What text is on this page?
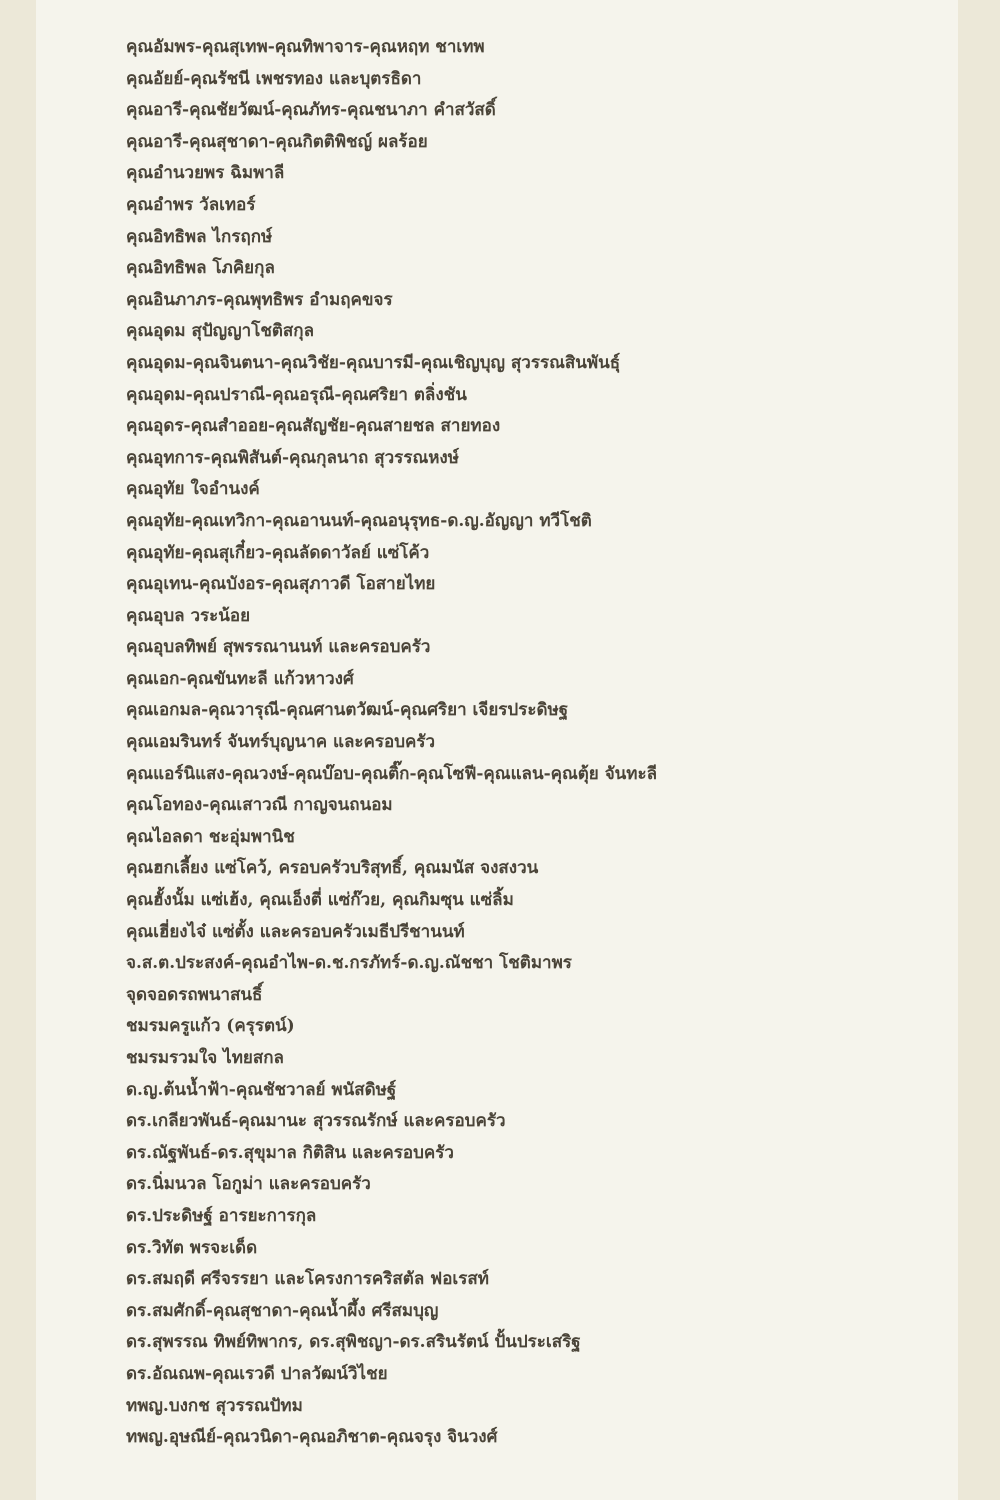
คุณอัมพร-คุณสุเทพ-คุณทิพาจาร-คุณหฤท ชาเทพ
คุณอัยย์-คุณรัชนี เพชรทอง และบุตรธิดา
คุณอารี-คุณชัยวัฒน์-คุณภัทร-คุณชนาภา คำสวัสดิ์
คุณอารี-คุณสุชาดา-คุณกิตติพิชญ์ ผลร้อย
คุณอำนวยพร ฉิมพาลี
คุณอำพร วัลเทอร์
คุณอิทธิพล ไกรฤกษ์
คุณอิทธิพล โภคิยกุล
คุณอินภาภร-คุณพุทธิพร อำมฤคขจร
คุณอุดม สุปัญญาโชติสกุล
คุณอุดม-คุณจินตนา-คุณวิชัย-คุณบารมี-คุณเชิญบุญ สุวรรณสินพันธุ์
คุณอุดม-คุณปราณี-คุณอรุณี-คุณศริยา ตลิ่งชัน
คุณอุดร-คุณสำออย-คุณสัญชัย-คุณสายชล สายทอง
คุณอุทการ-คุณพิสันต์-คุณกุลนาถ สุวรรณหงษ์
คุณอุทัย ใจอำนงค์
คุณอุทัย-คุณเทวิกา-คุณอานนท์-คุณอนุรุทธ-ด.ญ.อัญญา ทวีโชติ
คุณอุทัย-คุณสุเกี๋ยว-คุณลัดดาวัลย์ แซ่โค้ว
คุณอุเทน-คุณบังอร-คุณสุภาวดี โอสายไทย
คุณอุบล วระน้อย
คุณอุบลทิพย์ สุพรรณานนท์ และครอบครัว
คุณเอก-คุณขันทะลี แก้วหาวงศ์
คุณเอกมล-คุณวารุณี-คุณศานตวัฒน์-คุณศริยา เจียรประดิษฐ
คุณเอมรินทร์ จันทร์บุญนาค และครอบครัว
คุณแอร์นิแสง-คุณวงษ์-คุณบ๊อบ-คุณติ๊ก-คุณโซฟี-คุณแลน-คุณตุ้ย จันทะลี
คุณโอทอง-คุณเสาวณี กาญจนถนอม
คุณไอลดา ชะอุ่มพานิช
คุณฮกเลี้ยง แซ่โคว้, ครอบครัวบริสุทธิ์, คุณมนัส จงสงวน
คุณฮั้งนั้ม แซ่เฮ้ง, คุณเอ็งตี่ แซ่ก๊วย, คุณกิมซุน แซ่ลิ้ม
คุณเฮี่ยงไจ๋ แซ่ตั้ง และครอบครัวเมธีปรีชานนท์
จ.ส.ต.ประสงค์-คุณอำไพ-ด.ช.กรภัทร์-ด.ญ.ณัชชา โชติมาพร
จุดจอดรถพนาสนธิ์
ชมรมครูแก้ว (ครุรตน์)
ชมรมรวมใจ ไทยสกล
ด.ญ.ต้นน้ำฟ้า-คุณชัชวาลย์ พนัสดิษฐ์
ดร.เกลียวพันธ์-คุณมานะ สุวรรณรักษ์ และครอบครัว
ดร.ณัฐพันธ์-ดร.สุขุมาล กิติสิน และครอบครัว
ดร.นิ่มนวล โอกูม่า และครอบครัว
ดร.ประดิษฐ์ อารยะการกุล
ดร.วิทัต พรจะเด็ด
ดร.สมฤดี ศรีจรรยา และโครงการคริสตัล ฟอเรสท์
ดร.สมศักดิ์-คุณสุชาดา-คุณน้ำผึ้ง ศรีสมบุญ
ดร.สุพรรณ ทิพย์ทิพากร, ดร.สุพิชญา-ดร.สรินรัตน์ ปั้นประเสริฐ
ดร.อัณณพ-คุณเรวดี ปาลวัฒน์วิไชย
ทพญ.บงกช สุวรรณปัทม
ทพญ.อุษณีย์-คุณวนิดา-คุณอภิชาต-คุณจรุง จินวงศ์
